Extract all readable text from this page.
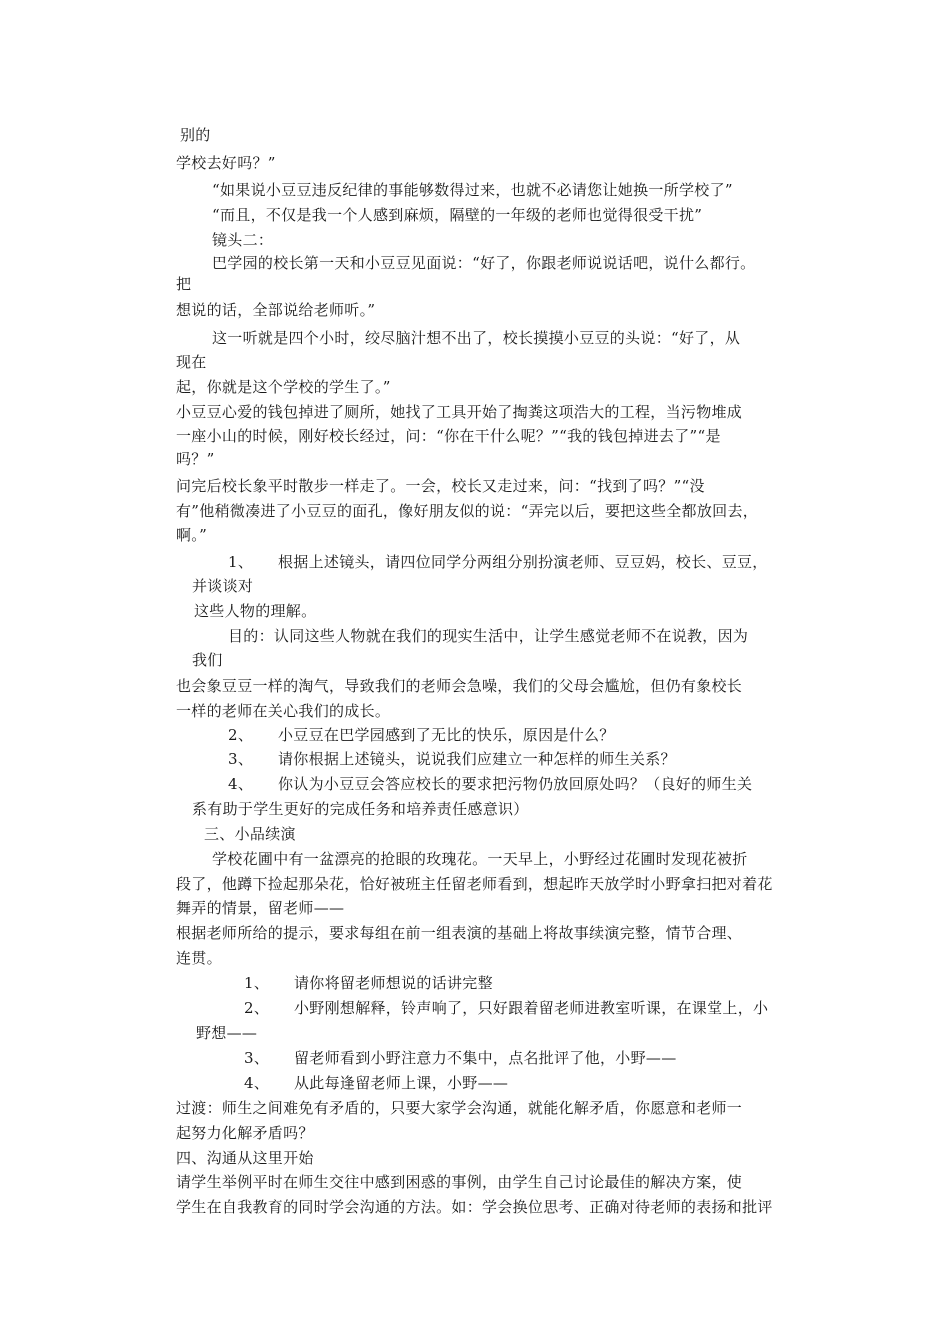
别的
学校去好吗？”
“如果说小豆豆违反纪律的事能够数得过来，也就不必请您让她换一所学校了”
“而且，不仅是我一个人感到麻烦，隔壁的一年级的老师也觉得很受干扰”
镜头二：
巴学园的校长第一天和小豆豆见面说：“好了，你跟老师说说话吧，说什么都行。
把
想说的话，全部说给老师听。”
这一听就是四个小时，绞尽脑汁想不出了，校长摸摸小豆豆的头说：“好了，从
现在
起，你就是这个学校的学生了。”
小豆豆心爱的钱包掉进了厕所，她找了工具开始了掏粪这项浩大的工程，当污物堆成
一座小山的时候，刚好校长经过，问：“你在干什么呢？”“我的钱包掉进去了”“是
吗？”
问完后校长象平时散步一样走了。一会，校长又走过来，问：“找到了吗？”“没
有”他稍微凑进了小豆豆的面孔，像好朋友似的说：“弄完以后，要把这些全都放回去，
啊。”
1、 根据上述镜头，请四位同学分两组分别扮演老师、豆豆妈，校长、豆豆，
并谈谈对
这些人物的理解。
目的：认同这些人物就在我们的现实生活中，让学生感觉老师不在说教，因为
我们
也会象豆豆一样的淘气，导致我们的老师会急噪，我们的父母会尴尬，但仍有象校长
一样的老师在关心我们的成长。
2、 小豆豆在巴学园感到了无比的快乐，原因是什么？
3、 请你根据上述镜头，说说我们应建立一种怎样的师生关系？
4、 你认为小豆豆会答应校长的要求把污物仍放回原处吗？（良好的师生关
系有助于学生更好的完成任务和培养责任感意识）
三、小品续演
学校花圃中有一盆漂亮的抢眼的玫瑰花。一天早上，小野经过花圃时发现花被折
段了，他蹲下捡起那朵花，恰好被班主任留老师看到，想起昨天放学时小野拿扫把对着花
舞弄的情景，留老师——
根据老师所给的提示，要求每组在前一组表演的基础上将故事续演完整，情节合理、
连贯。
1、 请你将留老师想说的话讲完整
2、 小野刚想解释，铃声响了，只好跟着留老师进教室听课，在课堂上，小
野想——
3、 留老师看到小野注意力不集中，点名批评了他，小野——
4、 从此每逢留老师上课，小野——
过渡：师生之间难免有矛盾的，只要大家学会沟通，就能化解矛盾，你愿意和老师一
起努力化解矛盾吗？
四、沟通从这里开始
请学生举例平时在师生交往中感到困惑的事例，由学生自己讨论最佳的解决方案，使
学生在自我教育的同时学会沟通的方法。如：学会换位思考、正确对待老师的表扬和批评
